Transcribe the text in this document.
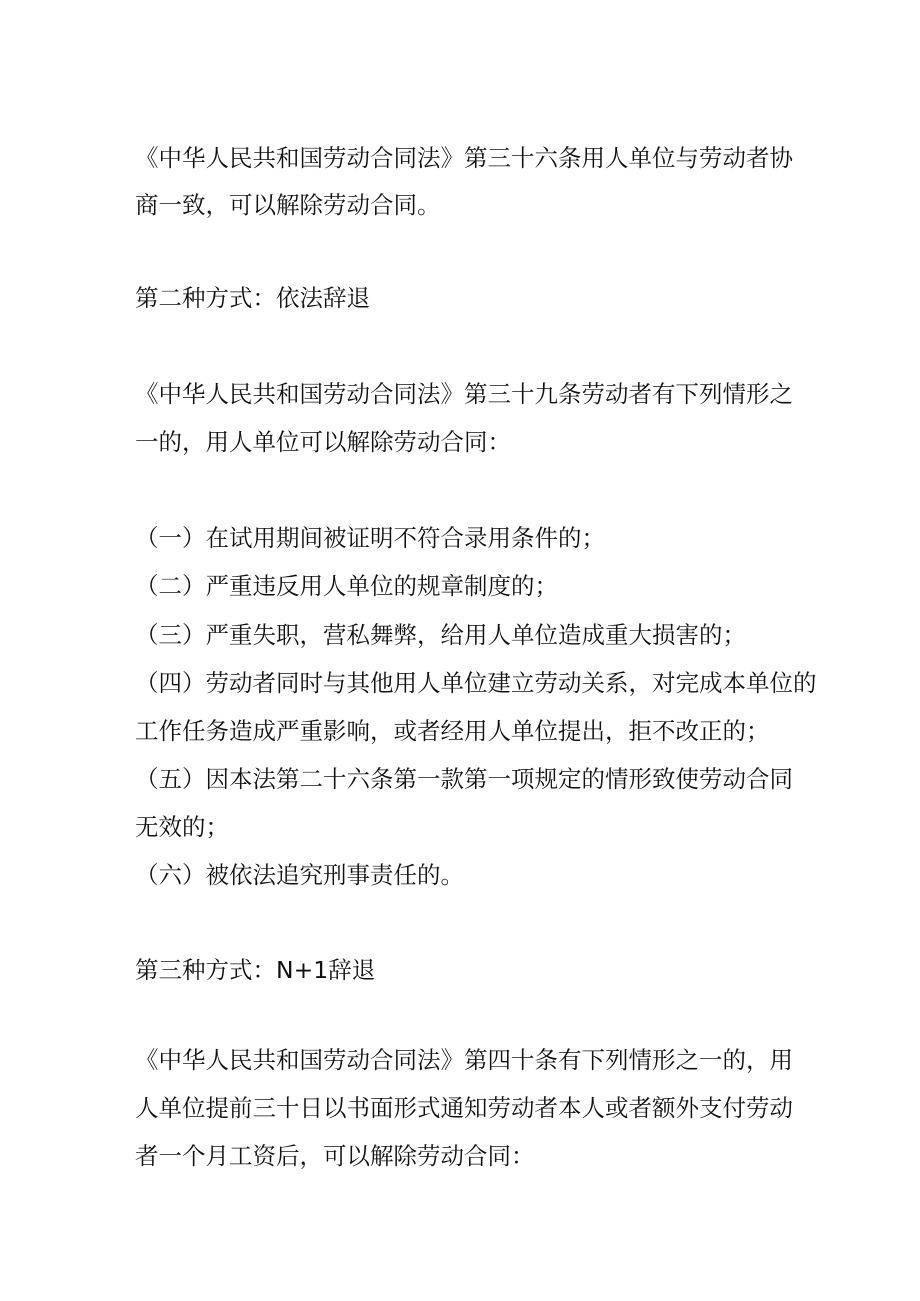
《中华人民共和国劳动合同法》第三十六条用人单位与劳动者协
商一致，可以解除劳动合同。
第二种方式：依法辞退
《中华人民共和国劳动合同法》第三十九条劳动者有下列情形之
一的，用人单位可以解除劳动合同：
（一）在试用期间被证明不符合录用条件的；
（二）严重违反用人单位的规章制度的；
（三）严重失职，营私舞弊，给用人单位造成重大损害的；
（四）劳动者同时与其他用人单位建立劳动关系，对完成本单位的
工作任务造成严重影响，或者经用人单位提出，拒不改正的；
（五）因本法第二十六条第一款第一项规定的情形致使劳动合同
无效的；
（六）被依法追究刑事责任的。
第三种方式：N+1辞退
《中华人民共和国劳动合同法》第四十条有下列情形之一的，用
人单位提前三十日以书面形式通知劳动者本人或者额外支付劳动
者一个月工资后，可以解除劳动合同：
